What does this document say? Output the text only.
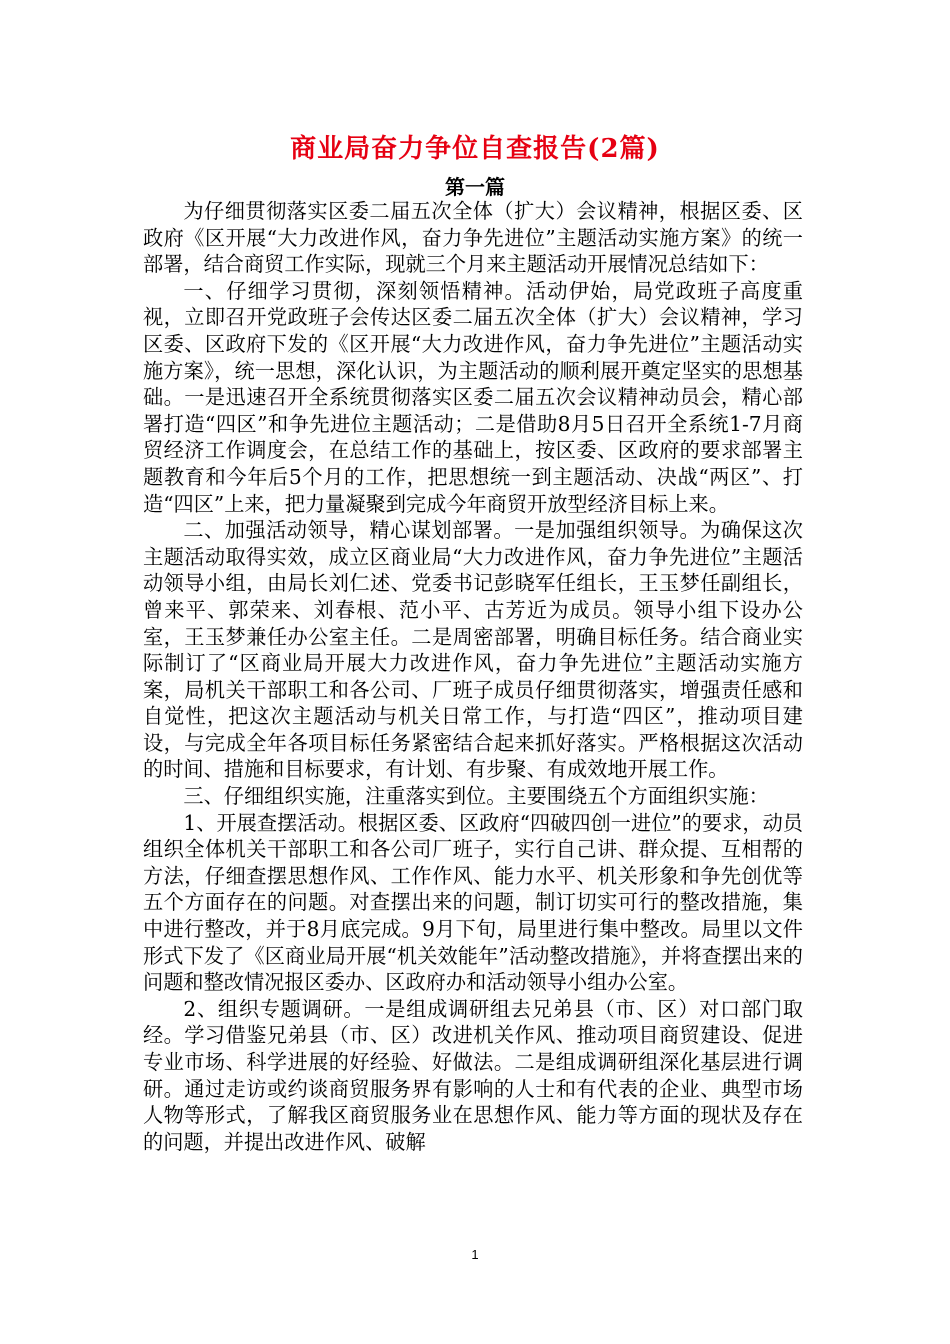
商业局奋力争位自查报告(2篇)
第一篇

为仔细贯彻落实区委二届五次全体（扩大）会议精神，根据区委、区政府《区开展“大力改进作风，奋力争先进位”主题活动实施方案》的统一部署，结合商贸工作实际，现就三个月来主题活动开展情况总结如下：

一、仔细学习贯彻，深刻领悟精神。活动伊始，局党政班子高度重视，立即召开党政班子会传达区委二届五次全体（扩大）会议精神，学习区委、区政府下发的《区开展“大力改进作风，奋力争先进位”主题活动实施方案》，统一思想，深化认识，为主题活动的顺利展开奠定坚实的思想基础。一是迅速召开全系统贯彻落实区委二届五次会议精神动员会，精心部署打造“四区”和争先进位主题活动；二是借助8月5日召开全系统1-7月商贸经济工作调度会，在总结工作的基础上，按区委、区政府的要求部署主题教育和今年后5个月的工作，把思想统一到主题活动、决战“两区”、打造“四区”上来，把力量凝聚到完成今年商贸开放型经济目标上来。

二、加强活动领导，精心谋划部署。一是加强组织领导。为确保这次主题活动取得实效，成立区商业局“大力改进作风，奋力争先进位”主题活动领导小组，由局长刘仁述、党委书记彭晓军任组长，王玉梦任副组长，曾来平、郭荣来、刘春根、范小平、古芳近为成员。领导小组下设办公室，王玉梦兼任办公室主任。二是周密部署，明确目标任务。结合商业实际制订了“区商业局开展大力改进作风，奋力争先进位”主题活动实施方案，局机关干部职工和各公司、厂班子成员仔细贯彻落实，增强责任感和自觉性，把这次主题活动与机关日常工作，与打造“四区”，推动项目建设，与完成全年各项目标任务紧密结合起来抓好落实。严格根据这次活动的时间、措施和目标要求，有计划、有步聚、有成效地开展工作。

三、仔细组织实施，注重落实到位。主要围绕五个方面组织实施：

1、开展查摆活动。根据区委、区政府“四破四创一进位”的要求，动员组织全体机关干部职工和各公司厂班子，实行自己讲、群众提、互相帮的方法，仔细查摆思想作风、工作作风、能力水平、机关形象和争先创优等五个方面存在的问题。对查摆出来的问题，制订切实可行的整改措施，集中进行整改，并于8月底完成。9月下旬，局里进行集中整改。局里以文件形式下发了《区商业局开展“机关效能年”活动整改措施》，并将查摆出来的问题和整改情况报区委办、区政府办和活动领导小组办公室。

2、组织专题调研。一是组成调研组去兄弟县（市、区）对口部门取经。学习借鉴兄弟县（市、区）改进机关作风、推动项目商贸建设、促进专业市场、科学进展的好经验、好做法。二是组成调研组深化基层进行调研。通过走访或约谈商贸服务界有影响的人士和有代表的企业、典型市场人物等形式，了解我区商贸服务业在思想作风、能力等方面的现状及存在的问题，并提出改进作风、破解

1
